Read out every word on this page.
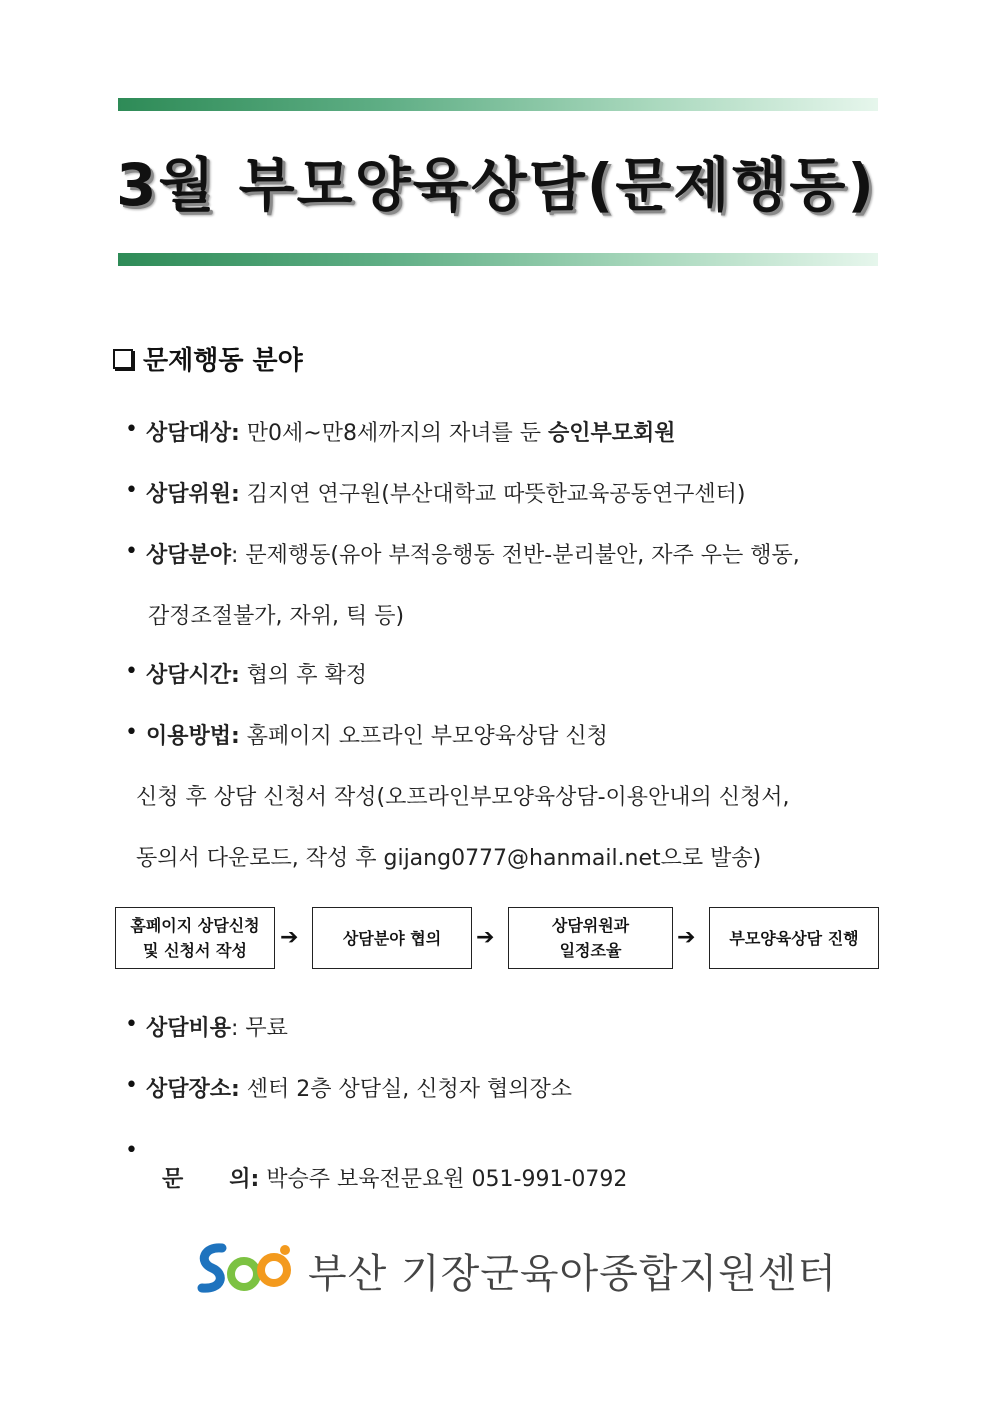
3월 부모양육상담(문제행동)
문제행동 분야
• 상담대상: 만0세~만8세까지의 자녀를 둔 승인부모회원
• 상담위원: 김지연 연구원(부산대학교 따뜻한교육공동연구센터)
• 상담분야: 문제행동(유아 부적응행동 전반-분리불안, 자주 우는 행동,
감정조절불가, 자위, 틱 등)
• 상담시간: 협의 후 확정
• 이용방법: 홈페이지 오프라인 부모양육상담 신청
신청 후 상담 신청서 작성(오프라인부모양육상담-이용안내의 신청서,
동의서 다운로드, 작성 후 gijang0777@hanmail.net으로 발송)
홈페이지 상담신청
및 신청서 작성
➔	상담분야 협의 ➔	상담위원과
일정조율
➔ 부모양육상담 진행
• 상담비용: 무료
• 상담장소: 센터 2층 상담실, 신청자 협의장소
•

문      의: 박승주 보육전문요원 051-991-0792

부산 기장군육아종합지원센터
